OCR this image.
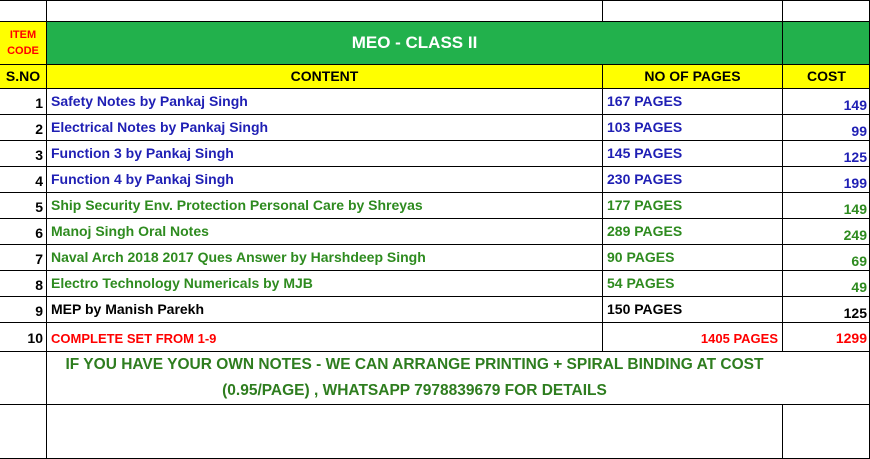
ITEM CODE	MEO - CLASS II
S.NO	CONTENT	NO OF PAGES	COST
1 Safety Notes by Pankaj Singh	167 PAGES	149
2 Electrical Notes by Pankaj Singh	103 PAGES	99
3 Function 3 by Pankaj Singh	145 PAGES	125
4 Function 4 by Pankaj Singh	230 PAGES	199
5 Ship Security Env. Protection Personal Care by Shreyas	177 PAGES	149
6 Manoj Singh Oral Notes	289 PAGES	249
7 Naval Arch 2018 2017 Ques Answer by Harshdeep Singh	90 PAGES	69
8 Electro Technology Numericals by MJB	54 PAGES	49
9 MEP by Manish Parekh	150 PAGES	125
10 COMPLETE SET FROM 1-9	1405 PAGES	1299
IF YOU HAVE YOUR OWN NOTES - WE CAN ARRANGE PRINTING + SPIRAL BINDING AT COST
(0.95/PAGE) , WHATSAPP 7978839679 FOR DETAILS
